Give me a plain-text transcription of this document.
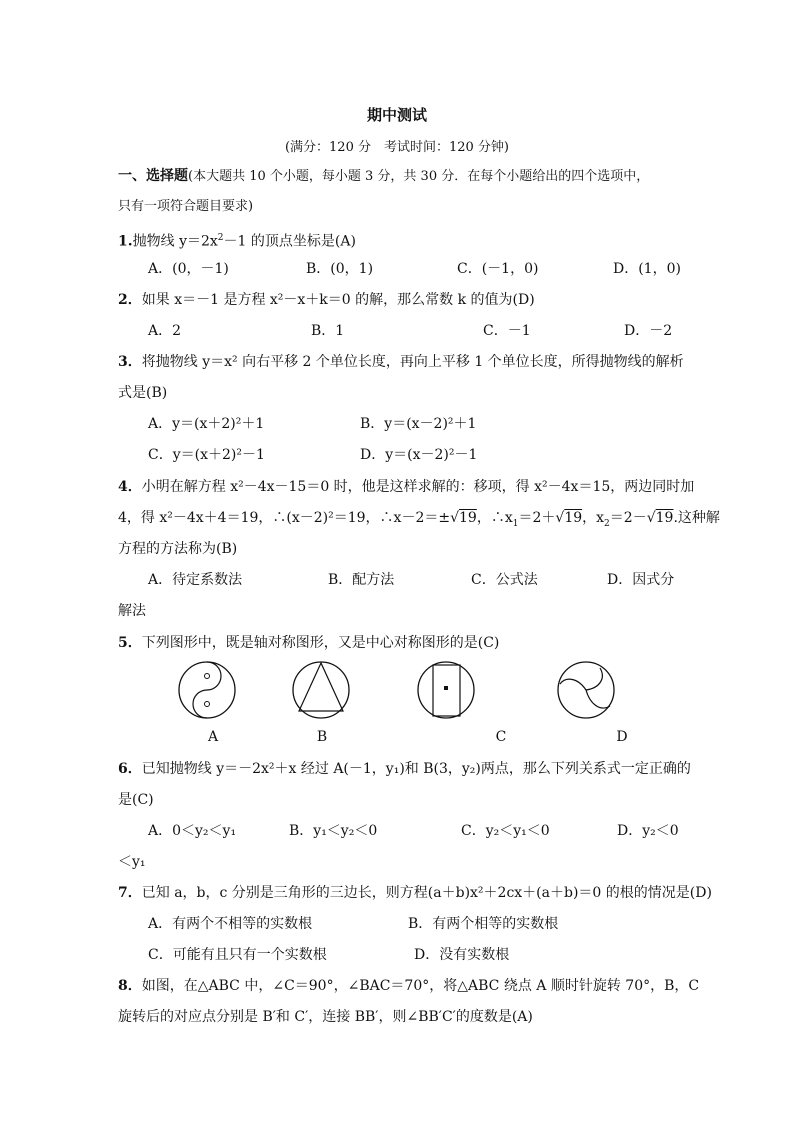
期中测试
(满分：120 分　考试时间：120 分钟)
一、选择题(本大题共 10 个小题，每小题 3 分，共 30 分．在每个小题给出的四个选项中，
只有一项符合题目要求)
1.抛物线 $y=2x^2-1$ 的顶点坐标是(A)
A．(0，－1)	B．(0，1)	C．(－1，0)	D．(1，0)
2．如果 x＝－1 是方程 x²－x＋k＝0 的解，那么常数 k 的值为(D)
A．2	B．1	C．－1	D．－2
3．将抛物线 y＝x² 向右平移 2 个单位长度，再向上平移 1 个单位长度，所得抛物线的解析
式是(B)
A．y＝(x＋2)²＋1	B．y＝(x－2)²＋1
C．y＝(x＋2)²－1	D．y＝(x－2)²－1
4．小明在解方程 x²－4x－15＝0 时，他是这样求解的：移项，得 x²－4x＝15，两边同时加
4，得 x²－4x＋4＝19，∴(x－2)²＝19，∴x－2＝±√19，$\therefore x_1=2+√19$，$x_2=2-√19$.这种解
方程的方法称为(B)
A．待定系数法	B．配方法	C．公式法	D．因式分
解法
5．下列图形中，既是轴对称图形，又是中心对称图形的是(C)
A	B	C	D
6．已知抛物线 y＝－2x²＋x 经过 A(－1，y₁)和 B(3，y₂)两点，那么下列关系式一定正确的
是(C)
A．0＜y₂＜y₁	B．y₁＜y₂＜0	C．y₂＜y₁＜0	D．y₂＜0
＜y₁
7．已知 a，b，c 分别是三角形的三边长，则方程(a＋b)x²＋2cx＋(a＋b)＝0 的根的情况是(D)
A．有两个不相等的实数根	B．有两个相等的实数根
C．可能有且只有一个实数根	D．没有实数根
8．如图，在△ABC 中，∠C＝90°，∠BAC＝70°，将△ABC 绕点 A 顺时针旋转 70°，B，C
旋转后的对应点分别是 B′和 C′，连接 BB′，则∠BB′C′的度数是(A)
